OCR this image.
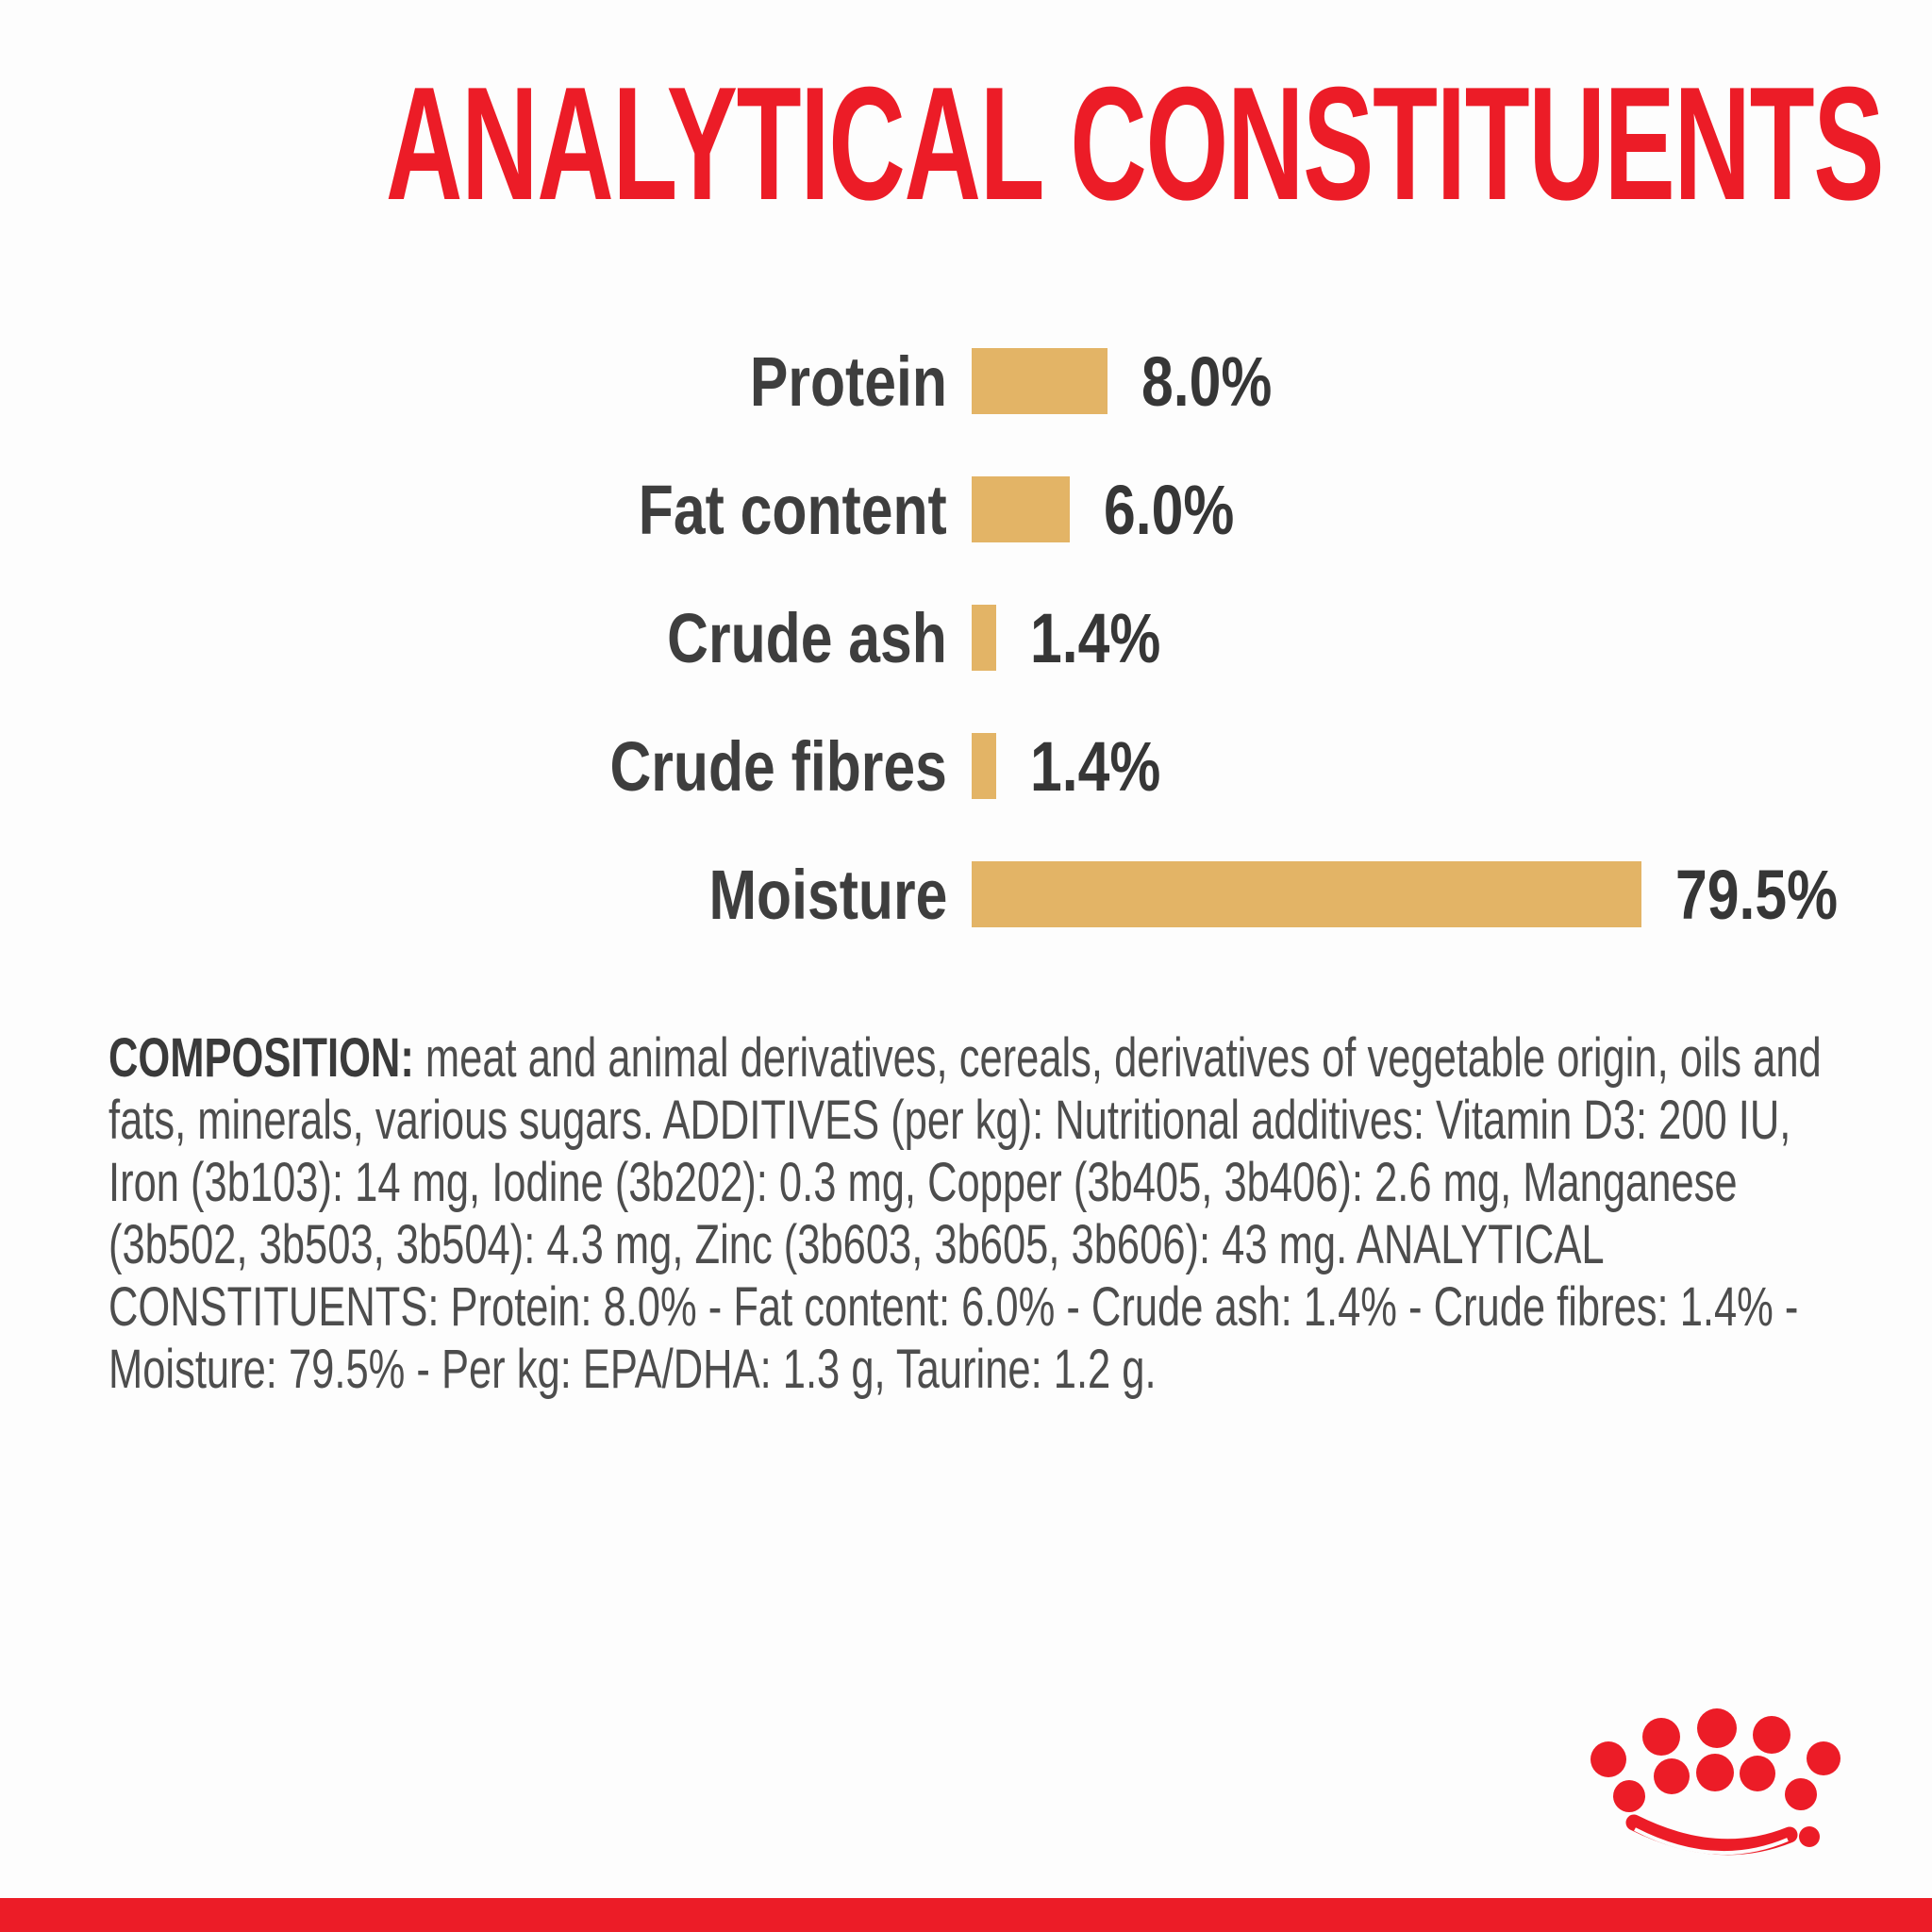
ANALYTICAL CONSTITUENTS
Protein	8.0%
Fat content 6.0%
Crude ash 1.4%
Crude fibres 1.4%
Moisture	79.5%

COMPOSITION: meat and animal derivatives, cereals, derivatives of vegetable origin, oils and fats, minerals, various sugars. ADDITIVES (per kg): Nutritional additives: Vitamin D3: 200 IU, Iron (3b103): 14 mg, Iodine (3b202): 0.3 mg, Copper (3b405, 3b406): 2.6 mg, Manganese (3b502, 3b503, 3b504): 4.3 mg, Zinc (3b603, 3b605, 3b606): 43 mg. ANALYTICAL CONSTITUENTS: Protein: 8.0% - Fat content: 6.0% - Crude ash: 1.4% - Crude fibres: 1.4% - Moisture: 79.5% - Per kg: EPA/DHA: 1.3 g, Taurine: 1.2 g.
